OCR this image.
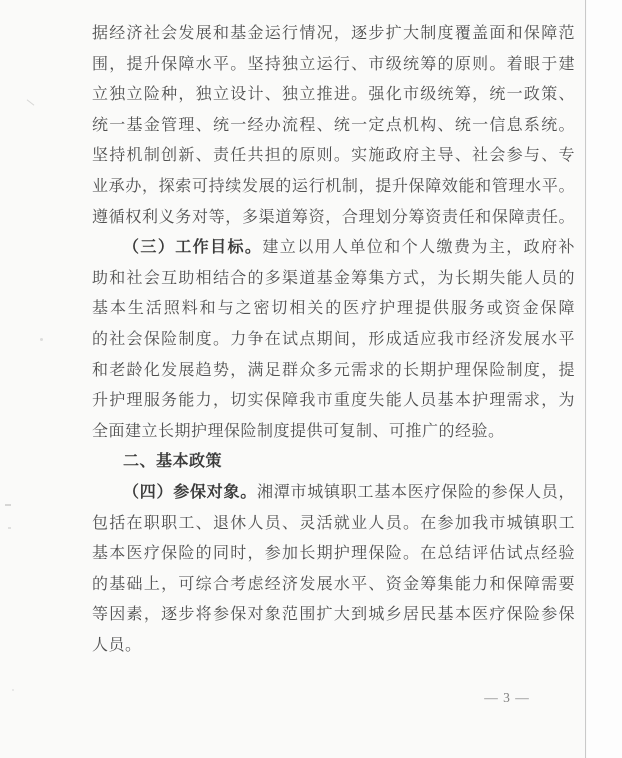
据经济社会发展和基金运行情况，逐步扩大制度覆盖面和保障范
围，提升保障水平。坚持独立运行、市级统筹的原则。着眼于建
立独立险种，独立设计、独立推进。强化市级统筹，统一政策、
统一基金管理、统一经办流程、统一定点机构、统一信息系统。
坚持机制创新、责任共担的原则。实施政府主导、社会参与、专
业承办，探索可持续发展的运行机制，提升保障效能和管理水平。
遵循权利义务对等，多渠道筹资，合理划分筹资责任和保障责任。
（三）工作目标。建立以用人单位和个人缴费为主，政府补
助和社会互助相结合的多渠道基金筹集方式，为长期失能人员的
基本生活照料和与之密切相关的医疗护理提供服务或资金保障
的社会保险制度。力争在试点期间，形成适应我市经济发展水平
和老龄化发展趋势，满足群众多元需求的长期护理保险制度，提
升护理服务能力，切实保障我市重度失能人员基本护理需求，为
全面建立长期护理保险制度提供可复制、可推广的经验。
二、基本政策
（四）参保对象。湘潭市城镇职工基本医疗保险的参保人员，
包括在职职工、退休人员、灵活就业人员。在参加我市城镇职工
基本医疗保险的同时，参加长期护理保险。在总结评估试点经验
的基础上，可综合考虑经济发展水平、资金筹集能力和保障需要
等因素，逐步将参保对象范围扩大到城乡居民基本医疗保险参保
人员。
— 3 —
